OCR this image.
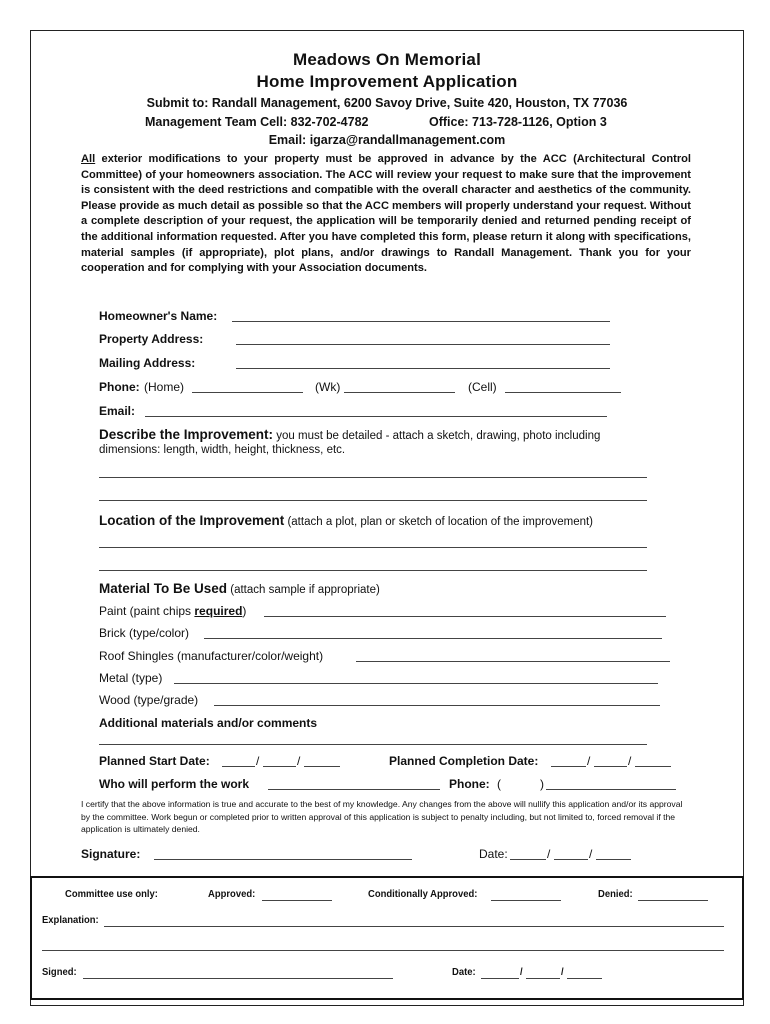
Meadows On Memorial
Home Improvement Application
Submit to: Randall Management, 6200 Savoy Drive, Suite 420, Houston, TX 77036
Management Team Cell: 832-702-4782	Office: 713-728-1126, Option 3
Email: igarza@randallmanagement.com
All exterior modifications to your property must be approved in advance by the ACC (Architectural Control Committee) of your homeowners association. The ACC will review your request to make sure that the improvement is consistent with the deed restrictions and compatible with the overall character and aesthetics of the community. Please provide as much detail as possible so that the ACC members will properly understand your request. Without a complete description of your request, the application will be temporarily denied and returned pending receipt of the additional information requested. After you have completed this form, please return it along with specifications, material samples (if appropriate), plot plans, and/or drawings to Randall Management. Thank you for your cooperation and for complying with your Association documents.
Homeowner's Name:
Property Address:
Mailing Address:
Phone: (Home)	(Wk)	(Cell)
Email:
Describe the Improvement: you must be detailed - attach a sketch, drawing, photo including
dimensions: length, width, height, thickness, etc.
Location of the Improvement (attach a plot, plan or sketch of location of the improvement)
Material To Be Used (attach sample if appropriate)
Paint (paint chips required)
Brick (type/color)
Roof Shingles (manufacturer/color/weight)
Metal (type)
Wood (type/grade)
Additional materials and/or comments
Planned Start Date:	/	/	Planned Completion Date:	/	/
Who will perform the work	Phone: (	)
I certify that the above information is true and accurate to the best of my knowledge. Any changes from the above will nullify this application and/or its approval by the committee. Work begun or completed prior to written approval of this application is subject to penalty including, but not limited to, forced removal if the application is ultimately denied.
Signature:	Date:	/	/
Committee use only:	Approved:	Conditionally Approved:	Denied:
Explanation:
Signed:	Date:	/	/
